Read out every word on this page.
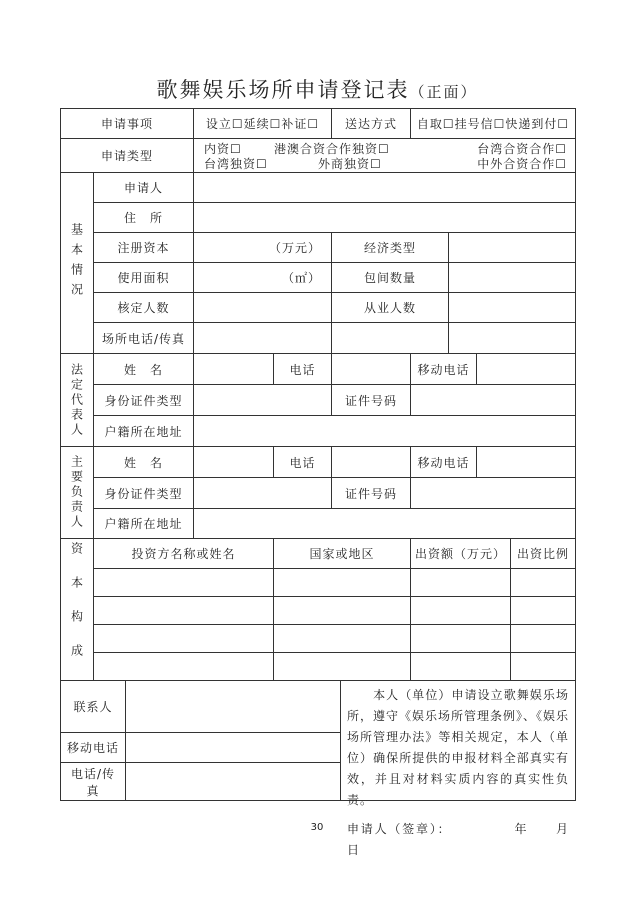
歌舞娱乐场所申请登记表（正面）
申请事项	设立☐延续☐补证☐	送达方式	自取☐挂号信☐快递到付☐
申请类型	内资☐	港澳合资合作独资☐	台湾合资合作☐
台湾独资☐	外商独资☐	中外合资合作☐
基本情况
申请人
住　所
注册资本	（万元）	经济类型
使用面积	（㎡）	包间数量
核定人数	从业人数
场所电话/传真
法定代表人	姓　名	电话	移动电话
身份证件类型	证件号码
户籍所在地址
主要负责人	姓　名	电话	移动电话
身份证件类型	证件号码
户籍所在地址
资本构成	投资方名称或姓名	国家或地区	出资额（万元） 出资比例
联系人
移动电话
电话/传真
　　本人（单位）申请设立歌舞娱乐场所，遵守《娱乐场所管理条例》、《娱乐场所管理办法》等相关规定，本人（单位）确保所提供的申报材料全部真实有效，并且对材料实质内容的真实性负责。
申请人（签章）：　　　　　年　　月　　日
30
